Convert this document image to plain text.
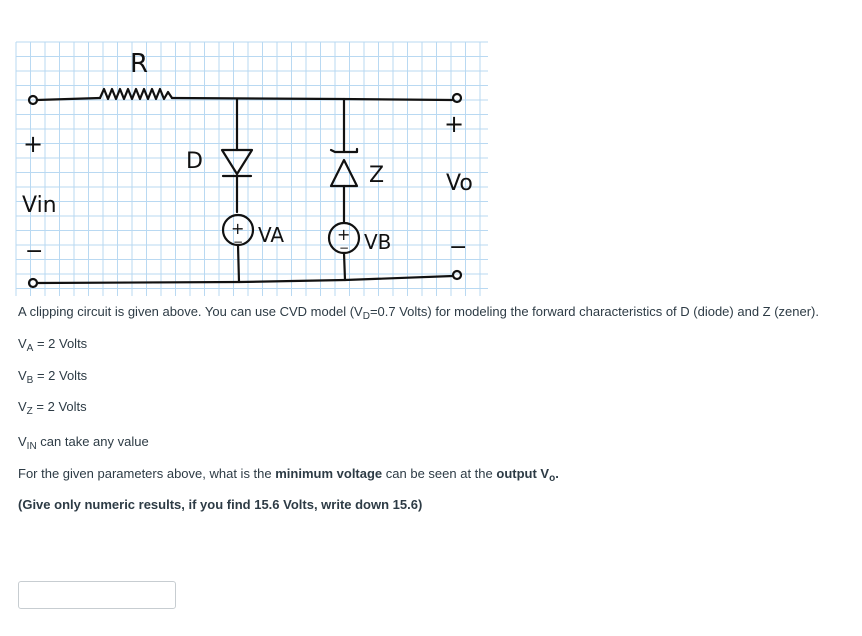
R
D
Z
+
Vin
−
+
Vo
−
+
− VA	+
− VB
A clipping circuit is given above. You can use CVD model ($V_D=0.7$ Volts) for modeling the forward characteristics of D (diode) and Z (zener).
$V_A = 2$ Volts
$V_B = 2$ Volts
$V_Z = 2$ Volts
$V_{IN}$ can take any value
For the given parameters above, what is the minimum voltage can be seen at the output $V_o$.
(Give only numeric results, if you find 15.6 Volts, write down 15.6)
